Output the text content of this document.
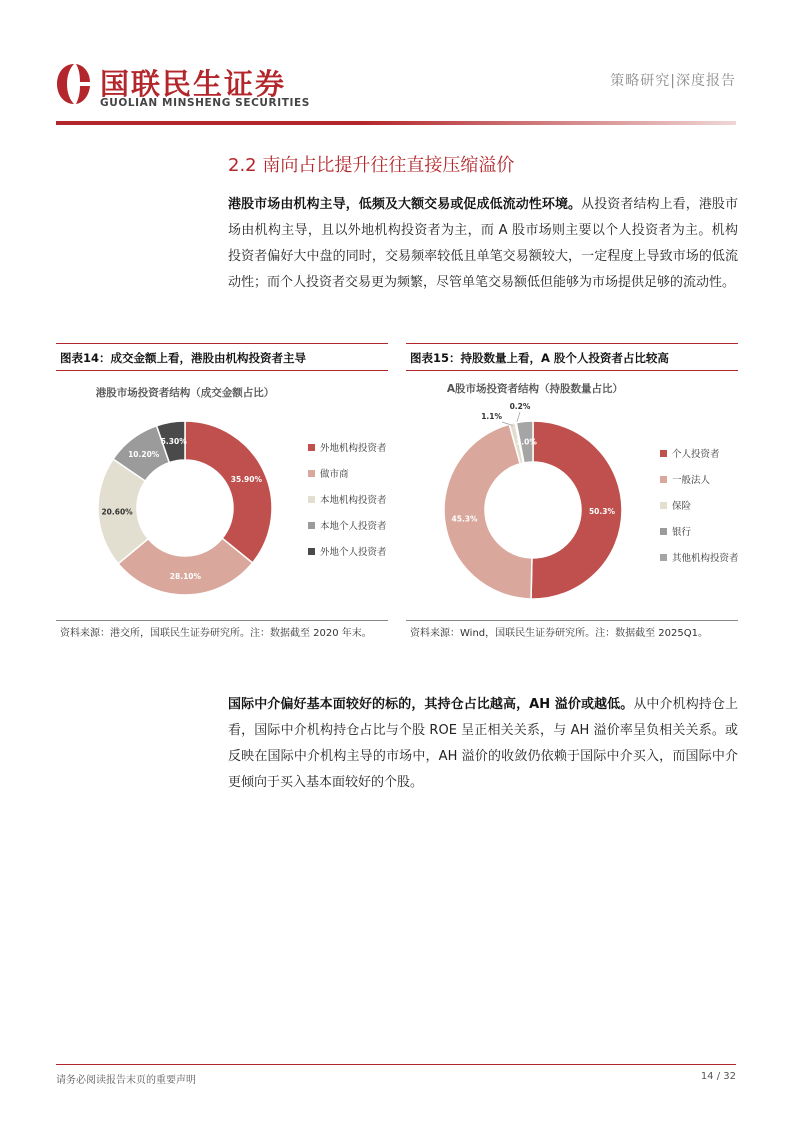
国联民生证券
GUOLIAN MINSHENG SECURITIES
策略研究|深度报告
2.2 南向占比提升往往直接压缩溢价

港股市场由机构主导，低频及大额交易或促成低流动性环境。从投资者结构上看，港股市场由机构主导，且以外地机构投资者为主，而 A 股市场则主要以个人投资者为主。机构投资者偏好大中盘的同时，交易频率较低且单笔交易额较大，一定程度上导致市场的低流动性；而个人投资者交易更为频繁，尽管单笔交易额低但能够为市场提供足够的流动性。

图表14：成交金额上看，港股由机构投资者主导
港股市场投资者结构（成交金额占比）
35.90%
28.10%
20.60%
10.20%
5.30%
外地机构投资者
做市商
本地机构投资者
本地个人投资者
外地个人投资者
资料来源：港交所，国联民生证券研究所。注：数据截至 2020 年末。
图表15：持股数量上看，A 股个人投资者占比较高
A股市场投资者结构（持股数量占比）
50.3%
45.3%
1.1%
0.2%
3.0%
个人投资者
一般法人
保险
银行
其他机构投资者
资料来源：Wind，国联民生证券研究所。注：数据截至 2025Q1。

国际中介偏好基本面较好的标的，其持仓占比越高，AH 溢价或越低。从中介机构持仓上看，国际中介机构持仓占比与个股 ROE 呈正相关关系，与 AH 溢价率呈负相关关系。或反映在国际中介机构主导的市场中，AH 溢价的收敛仍依赖于国际中介买入，而国际中介更倾向于买入基本面较好的个股。

请务必阅读报告末页的重要声明	14 / 32
